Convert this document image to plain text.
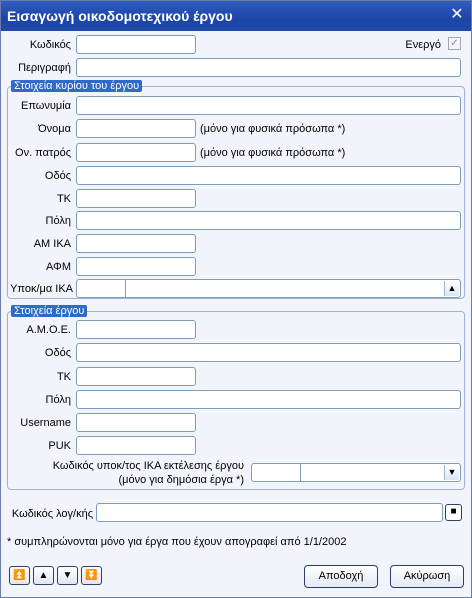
Εισαγωγή οικοδομοτεχικού έργου	✕
Κωδικός	Ενεργό ✓
Περιγραφή
Στοιχεία κυρίου του έργου
Επωνυμία
Όνομα	(μόνο για φυσικά πρόσωπα *)
Ον. πατρός	(μόνο για φυσικά πρόσωπα *)
Οδός
ΤΚ
Πόλη
ΑΜ ΙΚΑ
ΑΦΜ
Υποκ/μα ΙΚΑ	▲

Στοιχεία έργου
Α.Μ.Ο.Ε.
Οδός
ΤΚ
Πόλη
Username
PUK
Κωδικός υποκ/τος ΙΚΑ εκτέλεσης έργου
(μόνο για δημόσια έργα *)
▼
Κωδικός λογ/κής	■
* συμπληρώνονται μόνο για έργα που έχουν απογραφεί από 1/1/2002
⏫	▲	▼	⏬	Αποδοχή	Ακύρωση
